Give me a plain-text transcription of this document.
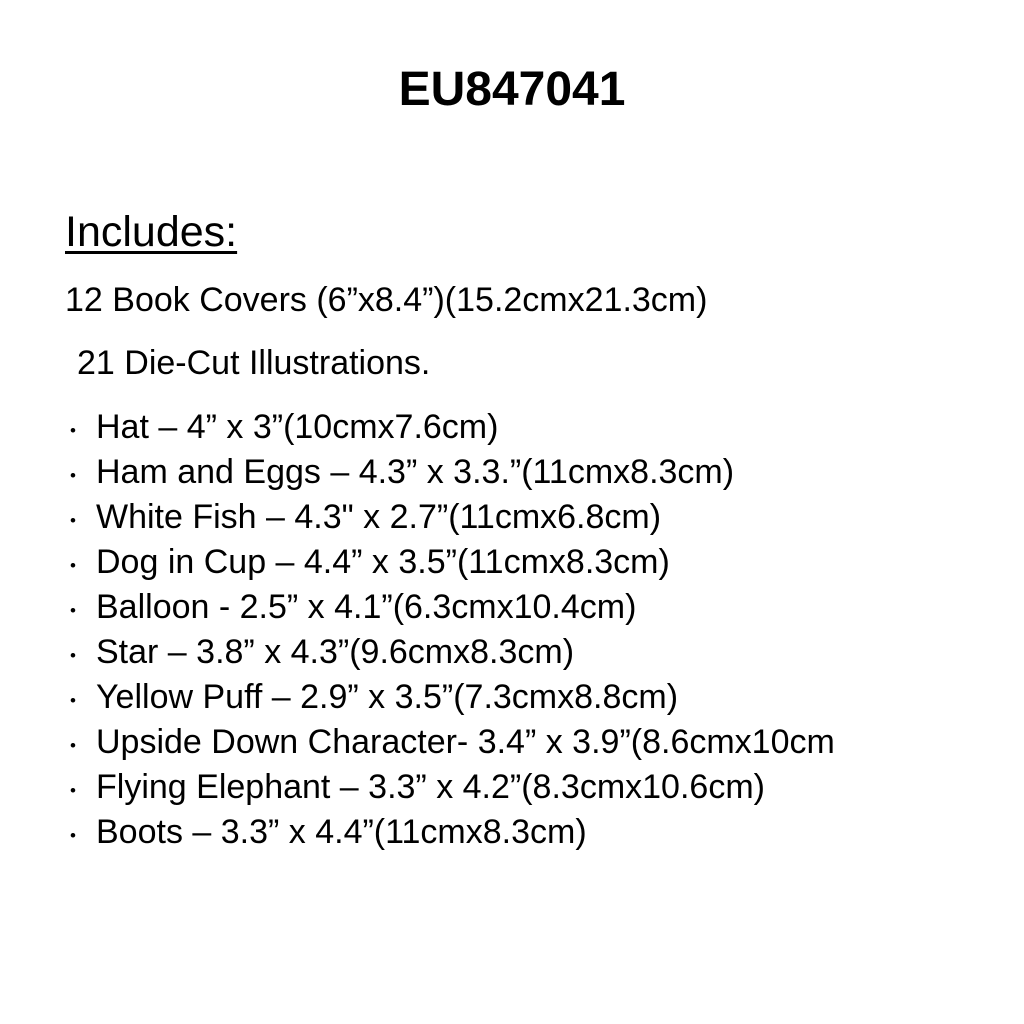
EU847041
Includes:

12 Book Covers (6”x8.4”)(15.2cmx21.3cm)

21 Die-Cut Illustrations.

• Hat – 4” x 3”(10cmx7.6cm)
• Ham and Eggs – 4.3” x 3.3.”(11cmx8.3cm)
• White Fish – 4.3" x 2.7”(11cmx6.8cm)
• Dog in Cup – 4.4” x 3.5”(11cmx8.3cm)
• Balloon - 2.5” x 4.1”(6.3cmx10.4cm)
• Star – 3.8” x 4.3”(9.6cmx8.3cm)
• Yellow Puff – 2.9” x 3.5”(7.3cmx8.8cm)
• Upside Down Character- 3.4” x 3.9”(8.6cmx10cm
• Flying Elephant – 3.3” x 4.2”(8.3cmx10.6cm)
• Boots – 3.3” x 4.4”(11cmx8.3cm)
